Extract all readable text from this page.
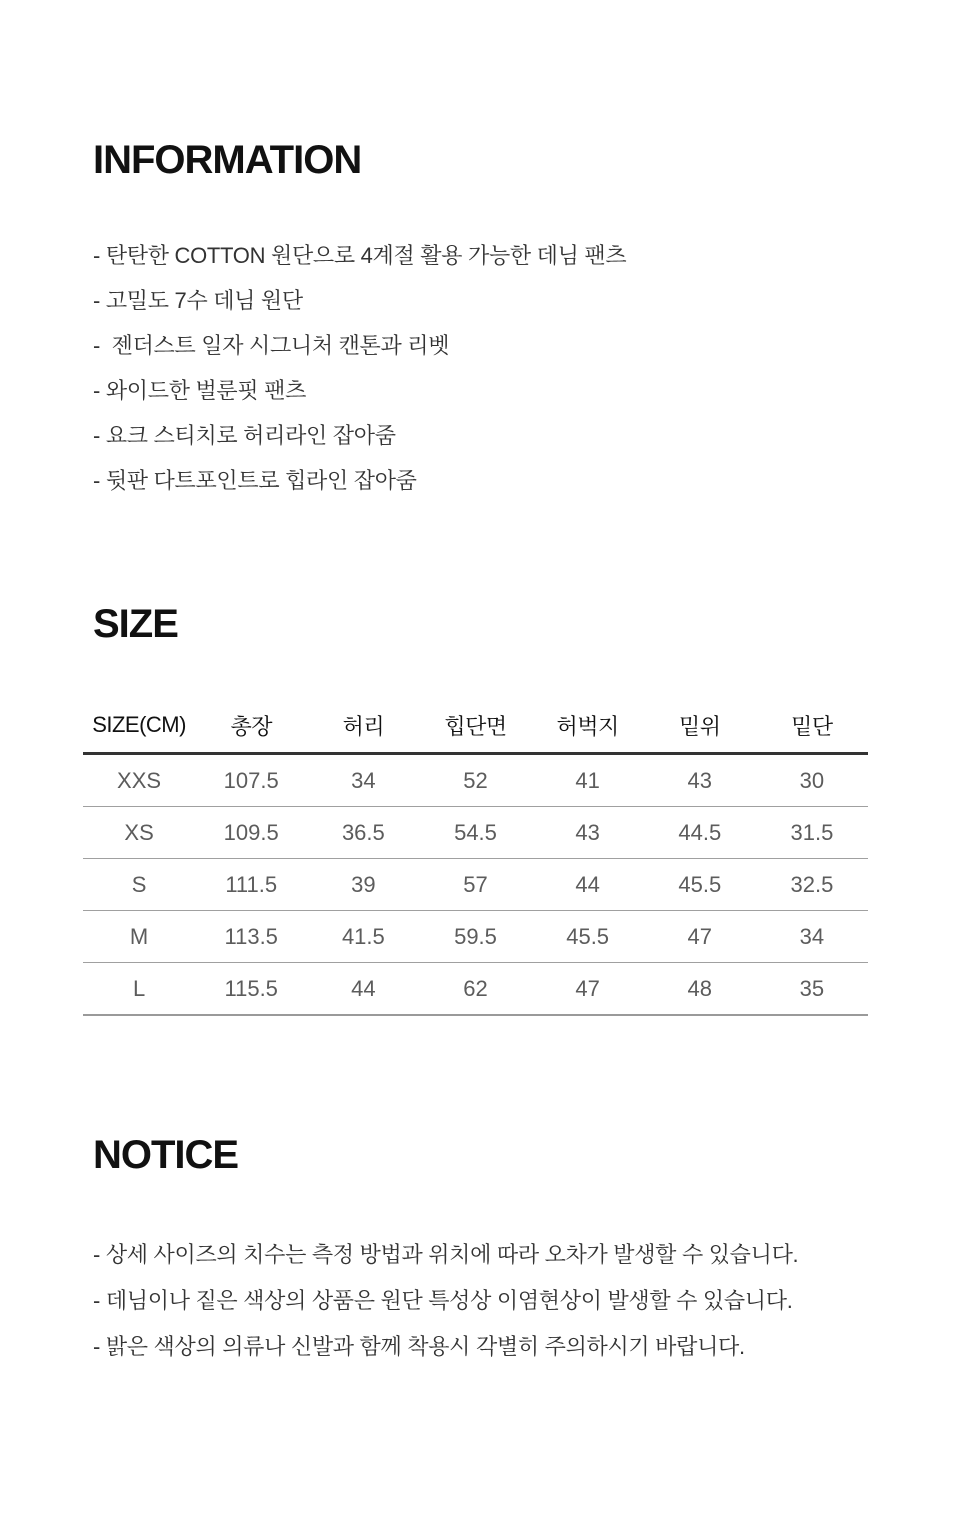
INFORMATION
- 탄탄한 COTTON 원단으로 4계절 활용 가능한 데님 팬츠
- 고밀도 7수 데님 원단
-  젠더스트 일자 시그니처 캔톤과 리벳
- 와이드한 벌룬핏 팬츠
- 요크 스티치로 허리라인 잡아줌
- 뒷판 다트포인트로 힙라인 잡아줌
SIZE
SIZE(CM)	총장	허리	힙단면	허벅지	밑위	밑단
XXS	107.5	34	52	41	43	30
XS	109.5	36.5	54.5	43	44.5	31.5
S	111.5	39	57	44	45.5	32.5
M	113.5	41.5	59.5	45.5	47	34
L	115.5	44	62	47	48	35
NOTICE
- 상세 사이즈의 치수는 측정 방법과 위치에 따라 오차가 발생할 수 있습니다.
- 데님이나 짙은 색상의 상품은 원단 특성상 이염현상이 발생할 수 있습니다.
- 밝은 색상의 의류나 신발과 함께 착용시 각별히 주의하시기 바랍니다.
